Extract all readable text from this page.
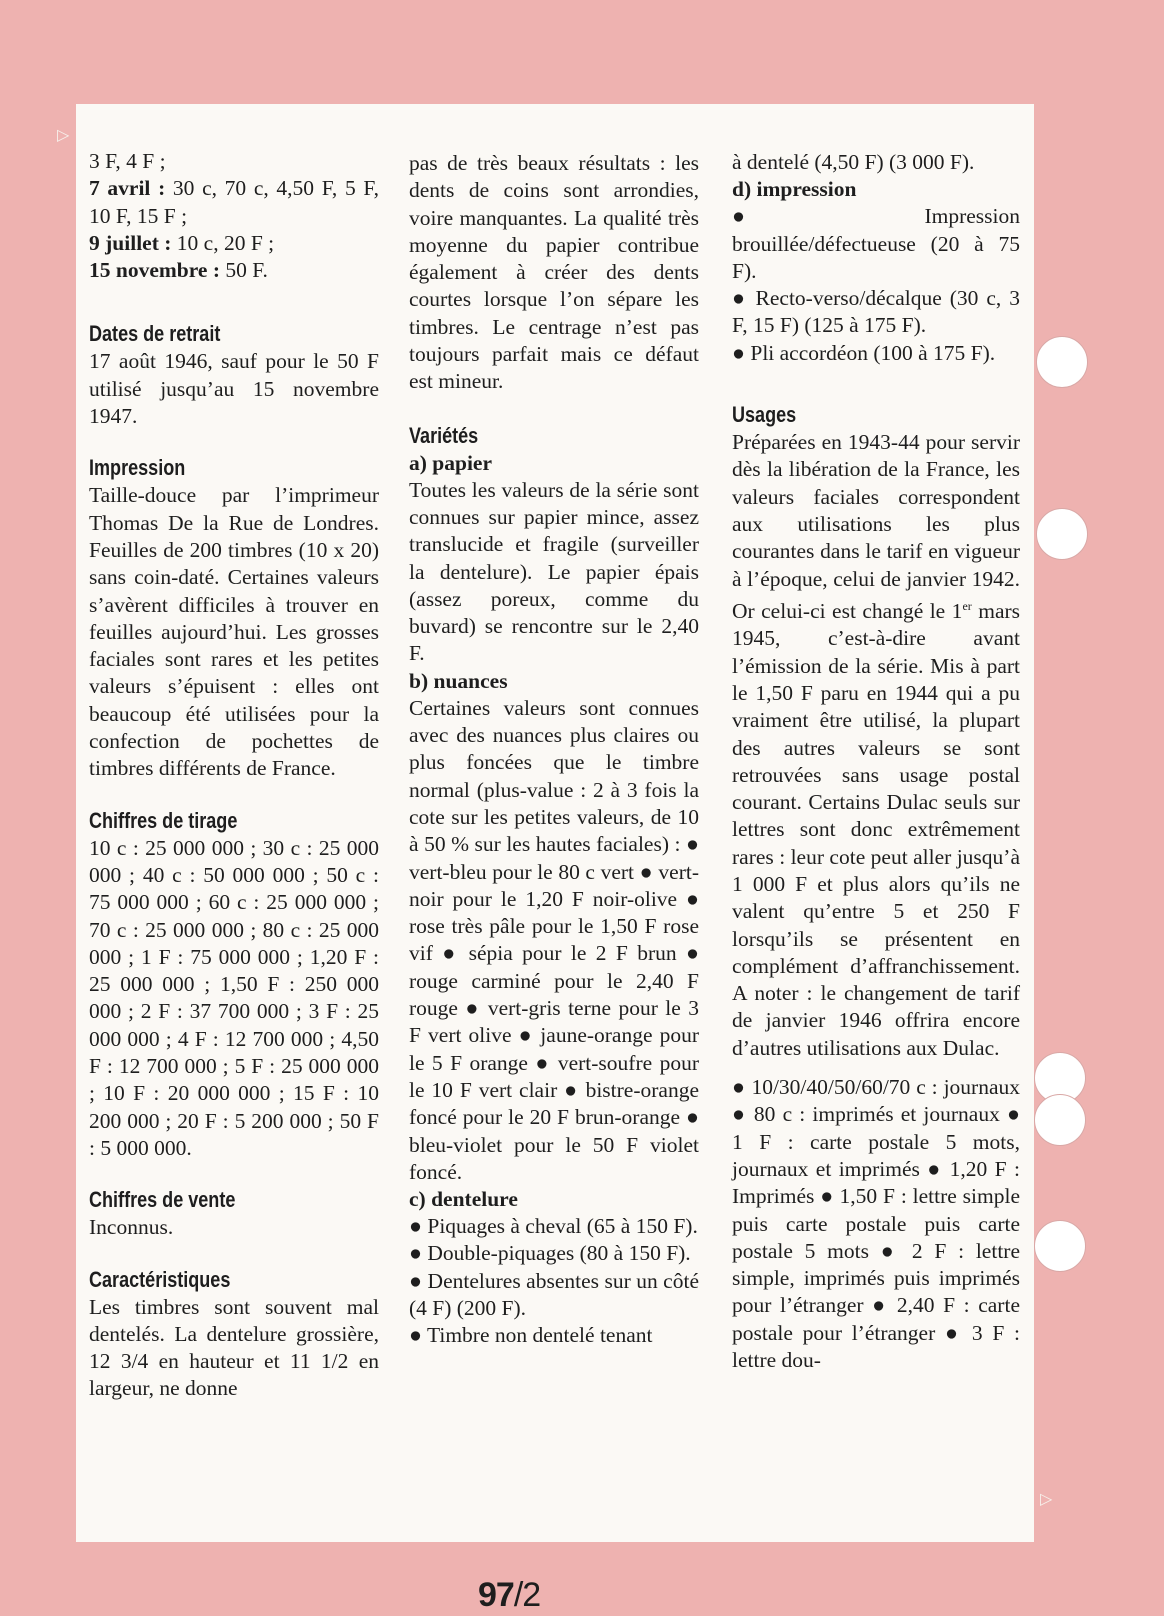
3 F, 4 F ;

7 avril : 30 c, 70 c, 4,50 F, 5 F, 10 F, 15 F ;

9 juillet : 10 c, 20 F ;

15 novembre : 50 F.

Dates de retrait

17 août 1946, sauf pour le 50 F utilisé jusqu’au 15 novembre 1947.

Impression

Taille-douce par l’imprimeur Thomas De la Rue de Londres. Feuilles de 200 timbres (10 x 20) sans coin-daté. Certaines valeurs s’avèrent difficiles à trouver en feuilles aujourd’hui. Les grosses faciales sont rares et les petites valeurs s’épuisent : elles ont beaucoup été utilisées pour la confection de pochettes de timbres différents de France.

Chiffres de tirage

10 c : 25 000 000 ; 30 c : 25 000 000 ; 40 c : 50 000 000 ; 50 c : 75 000 000 ; 60 c : 25 000 000 ; 70 c : 25 000 000 ; 80 c : 25 000 000 ; 1 F : 75 000 000 ; 1,20 F : 25 000 000 ; 1,50 F : 250 000 000 ; 2 F : 37 700 000 ; 3 F : 25 000 000 ; 4 F : 12 700 000 ; 4,50 F : 12 700 000 ; 5 F : 25 000 000 ; 10 F : 20 000 000 ; 15 F : 10 200 000 ; 20 F : 5 200 000 ; 50 F : 5 000 000.

Chiffres de vente

Inconnus.

Caractéristiques

Les timbres sont souvent mal dentelés. La dentelure grossière, 12 3/4 en hauteur et 11 1/2 en largeur, ne donne

pas de très beaux résultats : les dents de coins sont arrondies, voire manquantes. La qualité très moyenne du papier contribue également à créer des dents courtes lorsque l’on sépare les timbres. Le centrage n’est pas toujours parfait mais ce défaut est mineur.

Variétés

a) papier

Toutes les valeurs de la série sont connues sur papier mince, assez translucide et fragile (surveiller la dentelure). Le papier épais (assez poreux, comme du buvard) se rencontre sur le 2,40 F.

b) nuances

Certaines valeurs sont connues avec des nuances plus claires ou plus foncées que le timbre normal (plus-value : 2 à 3 fois la cote sur les petites valeurs, de 10 à 50 % sur les hautes faciales) : ● vert-bleu pour le 80 c vert ● vert-noir pour le 1,20 F noir-olive ● rose très pâle pour le 1,50 F rose vif ● sépia pour le 2 F brun ● rouge carminé pour le 2,40 F rouge ● vert-gris terne pour le 3 F vert olive ● jaune-orange pour le 5 F orange ● vert-soufre pour le 10 F vert clair ● bistre-orange foncé pour le 20 F brun-orange ● bleu-violet pour le 50 F violet foncé.

c) dentelure

● Piquages à cheval (65 à 150 F).

● Double-piquages (80 à 150 F).

● Dentelures absentes sur un côté (4 F) (200 F).

● Timbre non dentelé tenant

à dentelé (4,50 F) (3 000 F).

d) impression

● Impression brouillée/défectueuse (20 à 75 F).

● Recto-verso/décalque (30 c, 3 F, 15 F) (125 à 175 F).

● Pli accordéon (100 à 175 F).

Usages

Préparées en 1943-44 pour servir dès la libération de la France, les valeurs faciales correspondent aux utilisations les plus courantes dans le tarif en vigueur à l’époque, celui de janvier 1942. Or celui-ci est changé le 1er mars 1945, c’est-à-dire avant l’émission de la série. Mis à part le 1,50 F paru en 1944 qui a pu vraiment être utilisé, la plupart des autres valeurs se sont retrouvées sans usage postal courant. Certains Dulac seuls sur lettres sont donc extrêmement rares : leur cote peut aller jusqu’à 1 000 F et plus alors qu’ils ne valent qu’entre 5 et 250 F lorsqu’ils se présentent en complément d’affranchissement. A noter : le changement de tarif de janvier 1946 offrira encore d’autres utilisations aux Dulac.

● 10/30/40/50/60/70 c : journaux ● 80 c : imprimés et journaux ● 1 F : carte postale 5 mots, journaux et imprimés ● 1,20 F : Imprimés ● 1,50 F : lettre simple puis carte postale puis carte postale 5 mots ● 2 F : lettre simple, imprimés puis imprimés pour l’étranger ● 2,40 F : carte postale pour l’étranger ● 3 F : lettre dou-

▷
▷
97/2
